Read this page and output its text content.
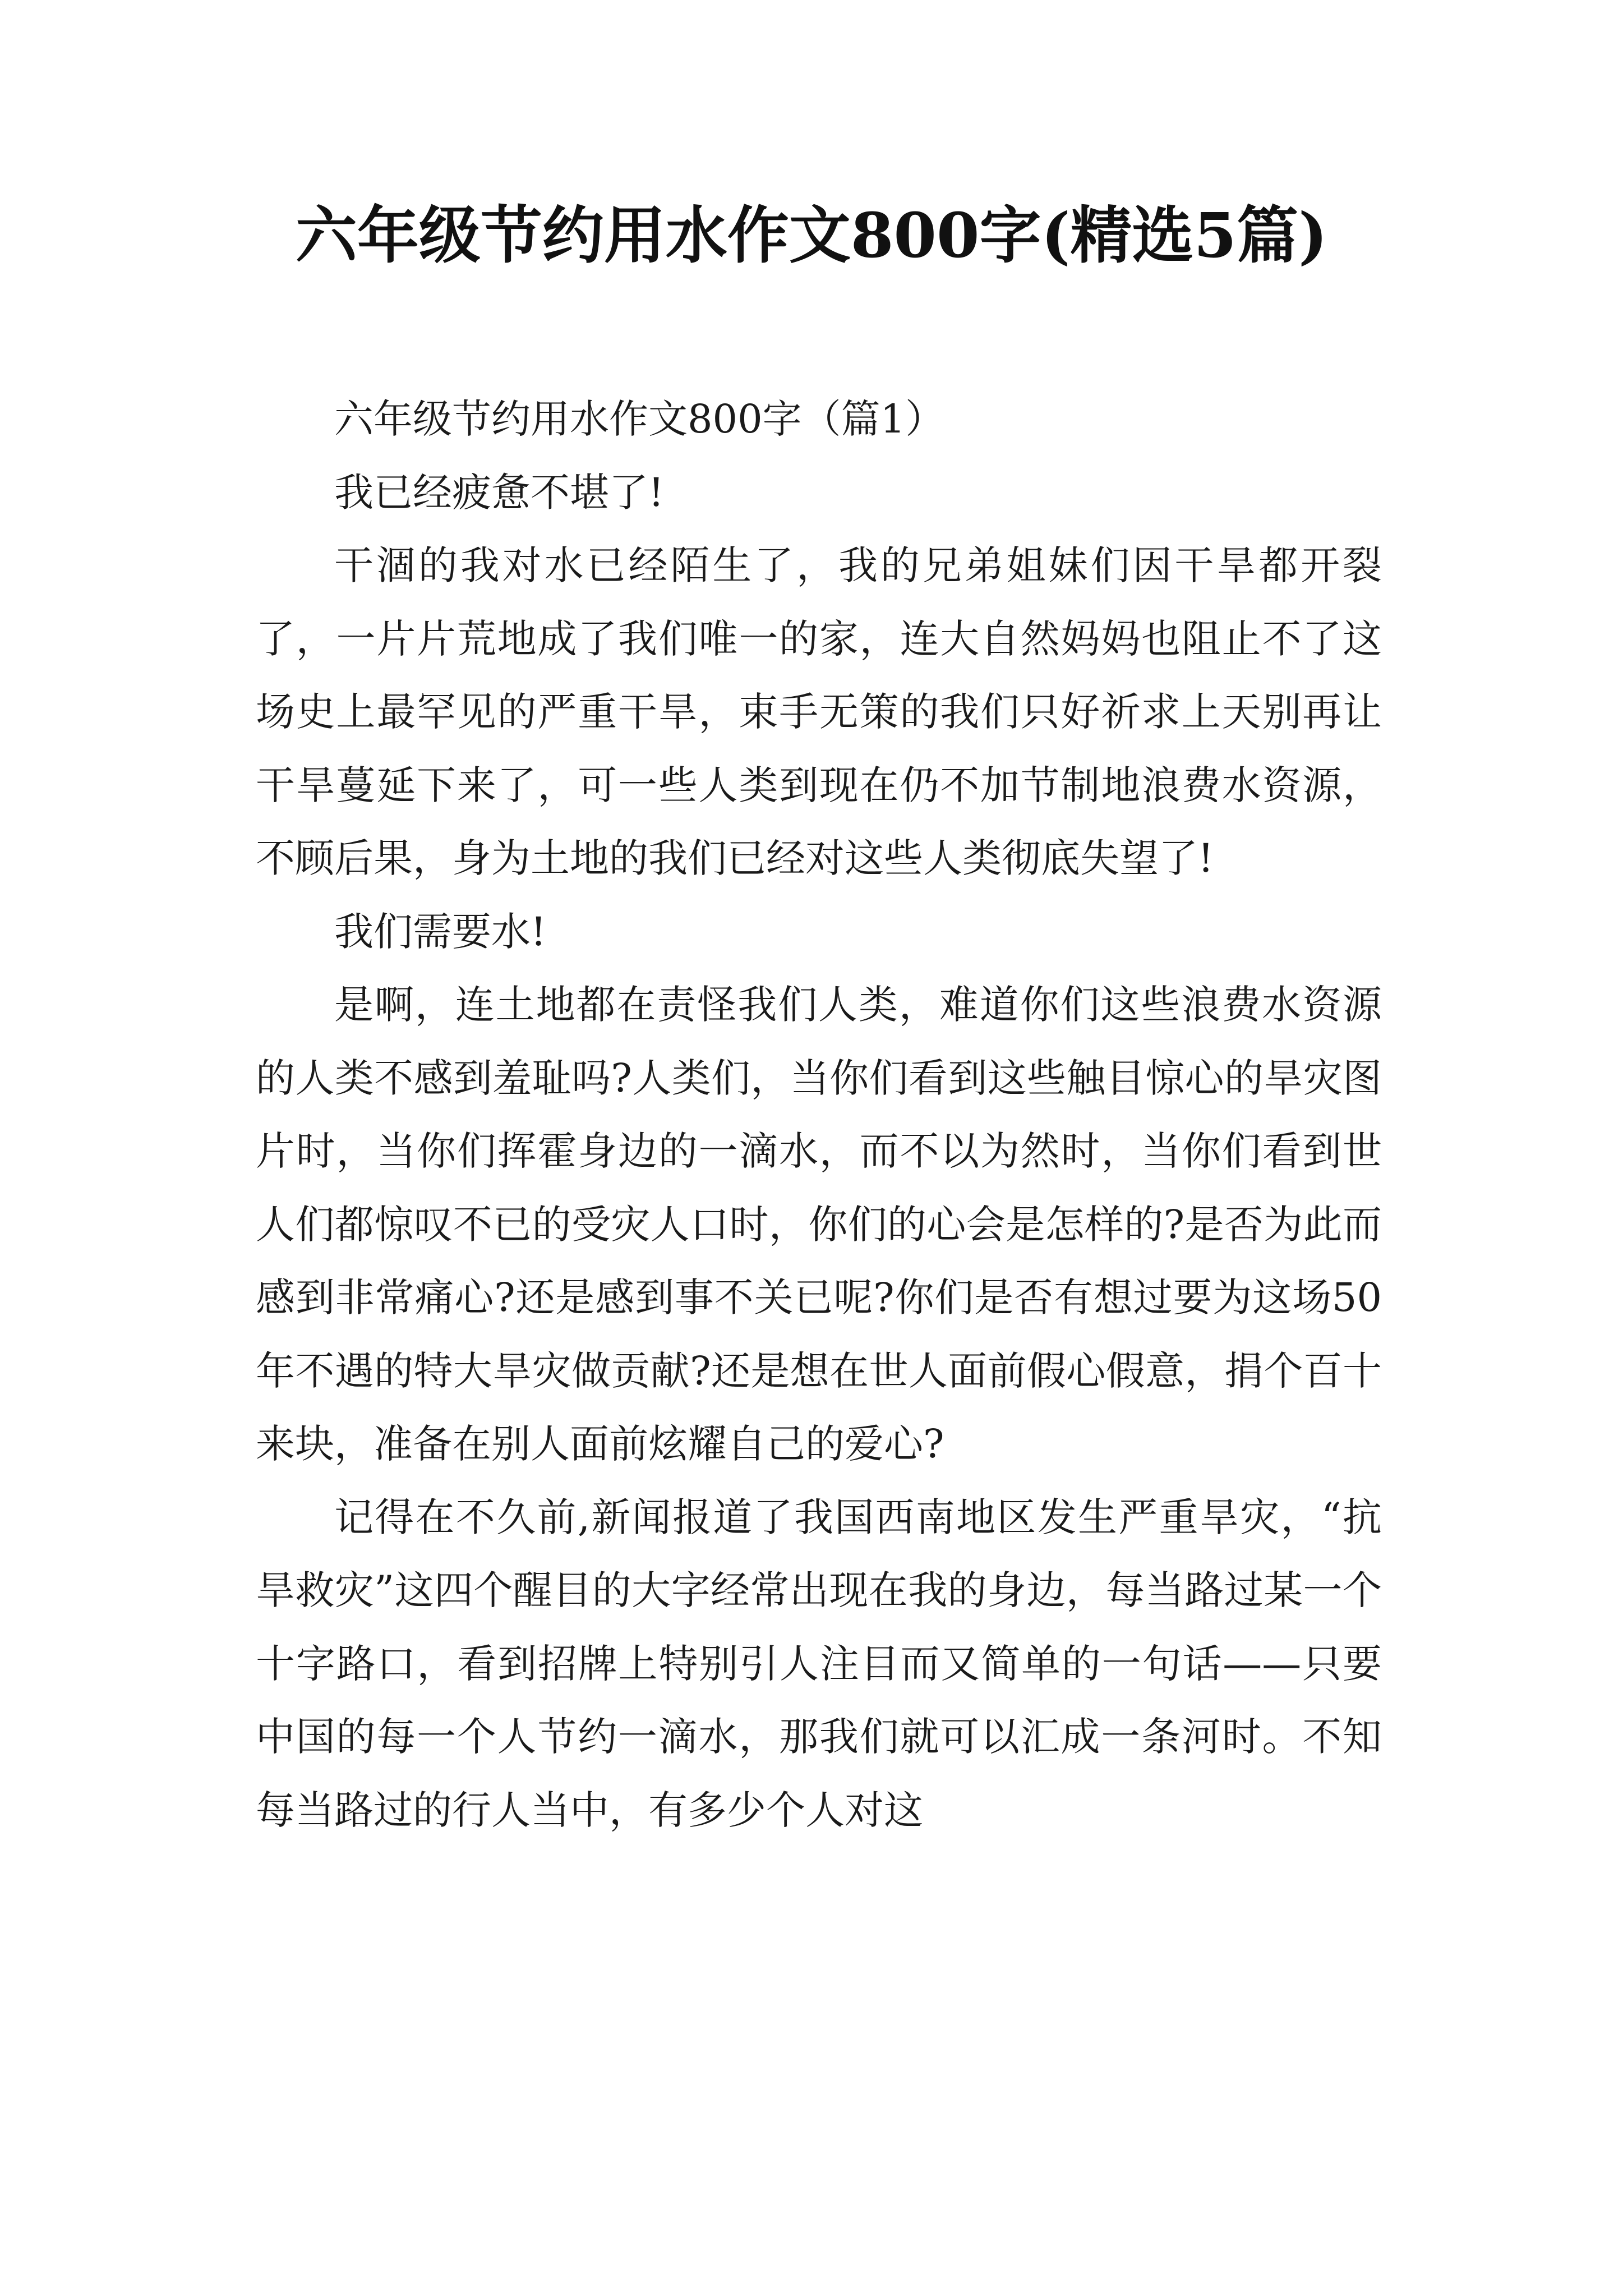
六年级节约用水作文800字(精选5篇)

六年级节约用水作文800字（篇1）

我已经疲惫不堪了!

干涸的我对水已经陌生了，我的兄弟姐妹们因干旱都开裂了，一片片荒地成了我们唯一的家，连大自然妈妈也阻止不了这场史上最罕见的严重干旱，束手无策的我们只好祈求上天别再让干旱蔓延下来了，可一些人类到现在仍不加节制地浪费水资源，不顾后果，身为土地的我们已经对这些人类彻底失望了!

我们需要水!

是啊，连土地都在责怪我们人类，难道你们这些浪费水资源的人类不感到羞耻吗?人类们，当你们看到这些触目惊心的旱灾图片时，当你们挥霍身边的一滴水，而不以为然时，当你们看到世人们都惊叹不已的受灾人口时，你们的心会是怎样的?是否为此而感到非常痛心?还是感到事不关已呢?你们是否有想过要为这场50年不遇的特大旱灾做贡献?还是想在世人面前假心假意，捐个百十来块，准备在别人面前炫耀自己的爱心?

记得在不久前,新闻报道了我国西南地区发生严重旱灾，“抗旱救灾”这四个醒目的大字经常出现在我的身边，每当路过某一个十字路口，看到招牌上特别引人注目而又简单的一句话——只要中国的每一个人节约一滴水，那我们就可以汇成一条河时。不知每当路过的行人当中，有多少个人对这
